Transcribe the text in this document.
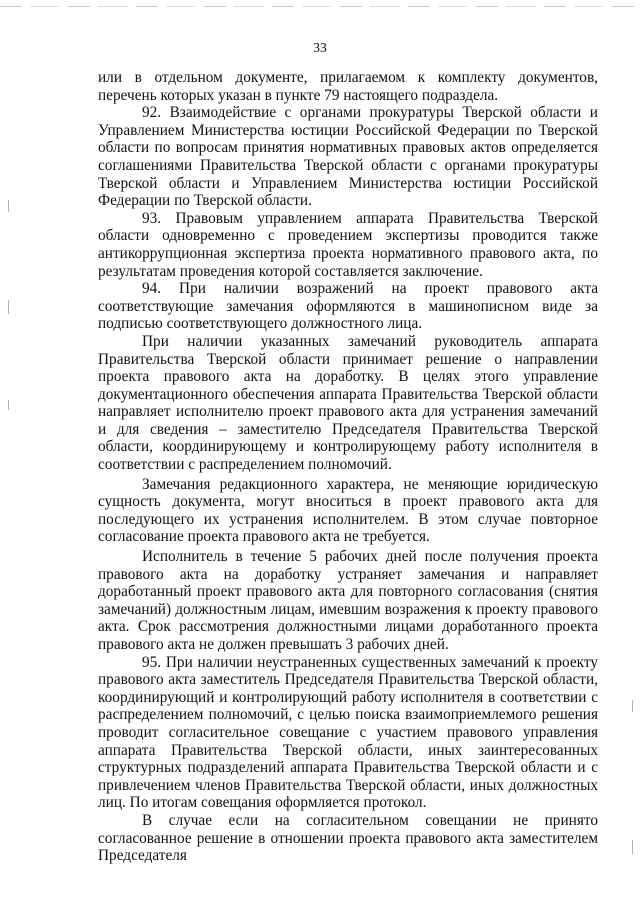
33

или в отдельном документе, прилагаемом к комплекту документов, перечень которых указан в пункте 79 настоящего подраздела.

92. Взаимодействие с органами прокуратуры Тверской области и Управлением Министерства юстиции Российской Федерации по Тверской области по вопросам принятия нормативных правовых актов определяется соглашениями Правительства Тверской области с органами прокуратуры Тверской области и Управлением Министерства юстиции Российской Федерации по Тверской области.

93. Правовым управлением аппарата Правительства Тверской области одновременно с проведением экспертизы проводится также антикоррупционная экспертиза проекта нормативного правового акта, по результатам проведения которой составляется заключение.

94. При наличии возражений на проект правового акта соответствующие замечания оформляются в машинописном виде за подписью соответствующего должностного лица.

При наличии указанных замечаний руководитель аппарата Правительства Тверской области принимает решение о направлении проекта правового акта на доработку. В целях этого управление документационного обеспечения аппарата Правительства Тверской области направляет исполнителю проект правового акта для устранения замечаний и для сведения – заместителю Председателя Правительства Тверской области, координирующему и контролирующему работу исполнителя в соответствии с распределением полномочий.

Замечания редакционного характера, не меняющие юридическую сущность документа, могут вноситься в проект правового акта для последующего их устранения исполнителем. В этом случае повторное согласование проекта правового акта не требуется.

Исполнитель в течение 5 рабочих дней после получения проекта правового акта на доработку устраняет замечания и направляет доработанный проект правового акта для повторного согласования (снятия замечаний) должностным лицам, имевшим возражения к проекту правового акта. Срок рассмотрения должностными лицами доработанного проекта правового акта не должен превышать 3 рабочих дней.

95. При наличии неустраненных существенных замечаний к проекту правового акта заместитель Председателя Правительства Тверской области, координирующий и контролирующий работу исполнителя в соответствии с распределением полномочий, с целью поиска взаимоприемлемого решения проводит согласительное совещание с участием правового управления аппарата Правительства Тверской области, иных заинтересованных структурных подразделений аппарата Правительства Тверской области и с привлечением членов Правительства Тверской области, иных должностных лиц. По итогам совещания оформляется протокол.

В случае если на согласительном совещании не принято согласованное решение в отношении проекта правового акта заместителем Председателя
